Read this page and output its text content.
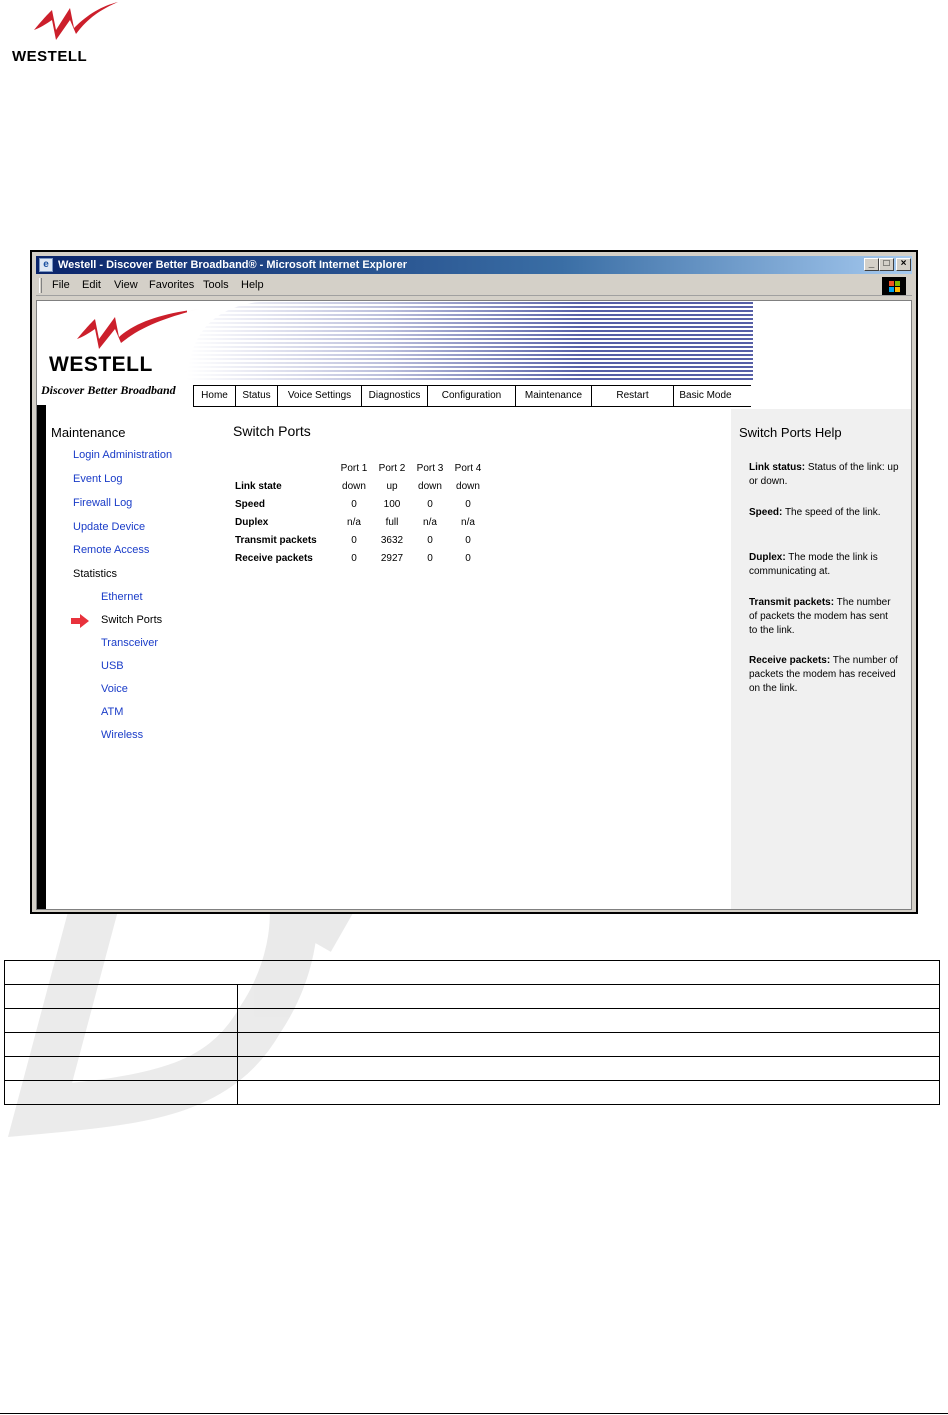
WESTELL
e Westell - Discover Better Broadband® - Microsoft Internet Explorer	_ □	×
File Edit View Favorites Tools Help
WESTELL
Discover Better Broadband	Home	Status	Voice Settings	Diagnostics	Configuration	Maintenance	Restart	Basic Mode
Maintenance
Login Administration
Event Log
Firewall Log
Update Device
Remote Access
Statistics
Ethernet
Switch Ports
Transceiver
USB
Voice
ATM
Wireless
Switch Ports
	Port 1	Port 2	Port 3	Port 4
Link state	down	up	down	down
Speed	0	100	0	0
Duplex	n/a	full	n/a	n/a
Transmit packets	0	3632	0	0
Receive packets	0	2927	0	0
Switch Ports Help
Link status: Status of the link: up or down.
Speed: The speed of the link.
Duplex: The mode the link is communicating at.
Transmit packets: The number of packets the modem has sent to the link.
Receive packets: The number of packets the modem has received on the link.
